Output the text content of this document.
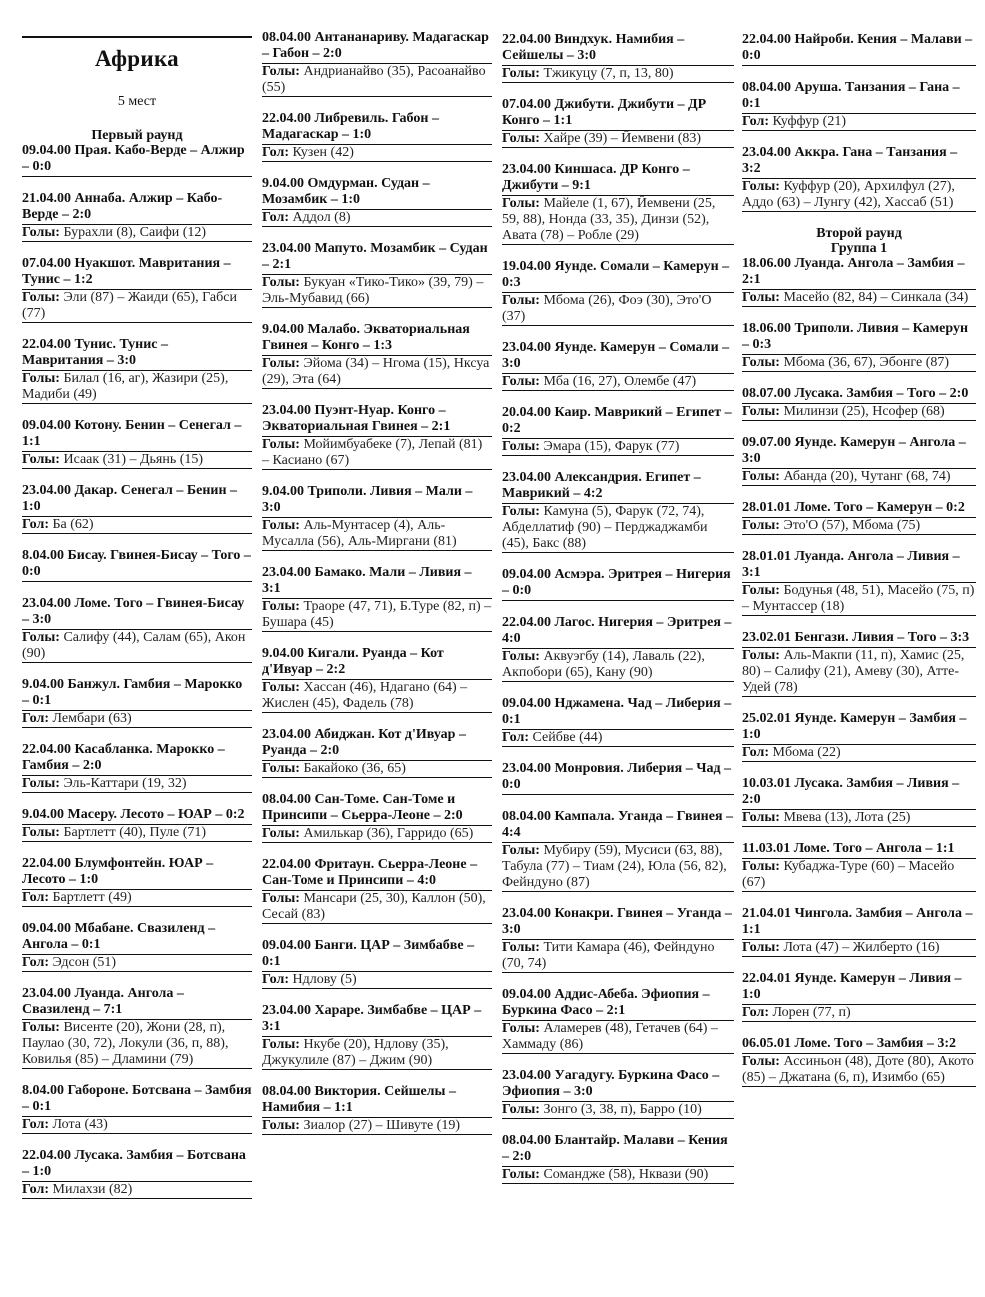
Африка
5 мест
Первый раунд
09.04.00 Прая. Кабо-Верде – Алжир – 0:0
21.04.00 Аннаба. Алжир – Кабо-Верде – 2:0
Голы: Бурахли (8), Саифи (12)
07.04.00 Нуакшот. Мавритания – Тунис – 1:2
Голы: Эли (87) – Жаиди (65), Габси (77)
22.04.00 Тунис. Тунис – Мавритания – 3:0
Голы: Билал (16, аг), Жазири (25), Мадиби (49)
09.04.00 Котону. Бенин – Сенегал – 1:1
Голы: Исаак (31) – Дьянь (15)
23.04.00 Дакар. Сенегал – Бенин – 1:0
Гол: Ба (62)
8.04.00 Бисау. Гвинея-Бисау – Того – 0:0
23.04.00 Ломе. Того – Гвинея-Бисау – 3:0
Голы: Салифу (44), Салам (65), Акон (90)
9.04.00 Банжул. Гамбия – Марокко – 0:1
Гол: Лембари (63)
22.04.00 Касабланка. Марокко – Гамбия – 2:0
Голы: Эль-Каттари (19, 32)
9.04.00 Масеру. Лесото – ЮАР – 0:2
Голы: Бартлетт (40), Пуле (71)
22.04.00 Блумфонтейн. ЮАР – Лесото – 1:0
Гол: Бартлетт (49)
09.04.00 Мбабане. Свазиленд – Ангола – 0:1
Гол: Эдсон (51)
23.04.00 Луанда. Ангола – Свазиленд – 7:1
Голы: Висенте (20), Жони (28, п), Паулао (30, 72), Локули (36, п, 88), Ковилья (85) – Дламини (79)
8.04.00 Габороне. Ботсвана – Замбия – 0:1
Гол: Лота (43)
22.04.00 Лусака. Замбия – Ботсвана – 1:0
Гол: Милахзи (82)
08.04.00 Антананариву. Мадагаскар – Габон – 2:0
Голы: Андрианайво (35), Расоанайво (55)
22.04.00 Либревиль. Габон – Мадагаскар – 1:0
Гол: Кузен (42)
9.04.00 Омдурман. Судан – Мозамбик – 1:0
Гол: Аддол (8)
23.04.00 Мапуто. Мозамбик – Судан – 2:1
Голы: Букуан «Тико-Тико» (39, 79) – Эль-Мубавид (66)
9.04.00 Малабо. Экваториальная Гвинея – Конго – 1:3
Голы: Эйома (34) – Нгома (15), Нксуа (29), Эта (64)
23.04.00 Пуэнт-Нуар. Конго – Экваториальная Гвинея – 2:1
Голы: Мойимбуабеке (7), Лепай (81) – Касиано (67)
9.04.00 Триполи. Ливия – Мали – 3:0
Голы: Аль-Мунтасер (4), Аль-Мусалла (56), Аль-Миргани (81)
23.04.00 Бамако. Мали – Ливия – 3:1
Голы: Траоре (47, 71), Б.Туре (82, п) – Бушара (45)
9.04.00 Кигали. Руанда – Кот д'Ивуар – 2:2
Голы: Хассан (46), Ндагано (64) – Жислен (45), Фадель (78)
23.04.00 Абиджан. Кот д'Ивуар – Руанда – 2:0
Голы: Бакайоко (36, 65)
08.04.00 Сан-Томе. Сан-Томе и Принсипи – Сьерра-Леоне – 2:0
Голы: Амилькар (36), Гарридо (65)
22.04.00 Фритаун. Сьерра-Леоне – Сан-Томе и Принсипи – 4:0
Голы: Мансари (25, 30), Каллон (50), Сесай (83)
09.04.00 Банги. ЦАР – Зимбабве – 0:1
Гол: Ндлову (5)
23.04.00 Хараре. Зимбабве – ЦАР – 3:1
Голы: Нкубе (20), Ндлову (35), Джукулиле (87) – Джим (90)
08.04.00 Виктория. Сейшелы – Намибия – 1:1
Голы: Зиалор (27) – Шивуте (19)
22.04.00 Виндхук. Намибия – Сейшелы – 3:0
Голы: Тжикуцу (7, п, 13, 80)
07.04.00 Джибути. Джибути – ДР Конго – 1:1
Голы: Хайре (39) – Йемвени (83)
23.04.00 Киншаса. ДР Конго – Джибути – 9:1
Голы: Майеле (1, 67), Йемвени (25, 59, 88), Нонда (33, 35), Динзи (52), Авата (78) – Робле (29)
19.04.00 Яунде. Сомали – Камерун – 0:3
Голы: Мбома (26), Фоэ (30), Это'О (37)
23.04.00 Яунде. Камерун – Сомали – 3:0
Голы: Мба (16, 27), Олембе (47)
20.04.00 Каир. Маврикий – Египет – 0:2
Голы: Эмара (15), Фарук (77)
23.04.00 Александрия. Египет – Маврикий – 4:2
Голы: Камуна (5), Фарук (72, 74), Абделлатиф (90) – Перджаджамби (45), Бакс (88)
09.04.00 Асмэра. Эритрея – Нигерия – 0:0
22.04.00 Лагос. Нигерия – Эритрея – 4:0
Голы: Аквуэгбу (14), Лаваль (22), Акпобори (65), Кану (90)
09.04.00 Нджамена. Чад – Либерия – 0:1
Гол: Сейбве (44)
23.04.00 Монровия. Либерия – Чад – 0:0
08.04.00 Кампала. Уганда – Гвинея – 4:4
Голы: Мубиру (59), Мусиси (63, 88), Табула (77) – Тиам (24), Юла (56, 82), Фейндуно (87)
23.04.00 Конакри. Гвинея – Уганда – 3:0
Голы: Тити Камара (46), Фейндуно (70, 74)
09.04.00 Аддис-Абеба. Эфиопия – Буркина Фасо – 2:1
Голы: Аламерев (48), Гетачев (64) – Хаммаду (86)
23.04.00 Уагадугу. Буркина Фасо – Эфиопия – 3:0
Голы: Зонго (3, 38, п), Барро (10)
08.04.00 Блантайр. Малави – Кения – 2:0
Голы: Соманджe (58), Нквази (90)
22.04.00 Найроби. Кения – Малави – 0:0
08.04.00 Аруша. Танзания – Гана – 0:1
Гол: Куффур (21)
23.04.00 Аккра. Гана – Танзания – 3:2
Голы: Куффур (20), Архилфул (27), Аддо (63) – Лунгу (42), Хассаб (51)
Второй раунд
Группа 1
18.06.00 Луанда. Ангола – Замбия – 2:1
Голы: Масейо (82, 84) – Синкала (34)
18.06.00 Триполи. Ливия – Камерун – 0:3
Голы: Мбома (36, 67), Эбонге (87)
08.07.00 Лусака. Замбия – Того – 2:0
Голы: Милинзи (25), Нсофер (68)
09.07.00 Яунде. Камерун – Ангола – 3:0
Голы: Абанда (20), Чутанг (68, 74)
28.01.01 Ломе. Того – Камерун – 0:2
Голы: Это'О (57), Мбома (75)
28.01.01 Луанда. Ангола – Ливия – 3:1
Голы: Бодунья (48, 51), Масейо (75, п) – Мунтассер (18)
23.02.01 Бенгази. Ливия – Того – 3:3
Голы: Аль-Макпи (11, п), Хамис (25, 80) – Салифу (21), Амеву (30), Атте-Удей (78)
25.02.01 Яунде. Камерун – Замбия – 1:0
Гол: Мбома (22)
10.03.01 Лусака. Замбия – Ливия – 2:0
Голы: Мвева (13), Лота (25)
11.03.01 Ломе. Того – Ангола – 1:1
Голы: Кубаджа-Туре (60) – Масейо (67)
21.04.01 Чингола. Замбия – Ангола – 1:1
Голы: Лота (47) – Жилберто (16)
22.04.01 Яунде. Камерун – Ливия – 1:0
Гол: Лорен (77, п)
06.05.01 Ломе. Того – Замбия – 3:2
Голы: Ассиньон (48), Доте (80), Акото (85) – Джатана (6, п), Изимбо (65)
